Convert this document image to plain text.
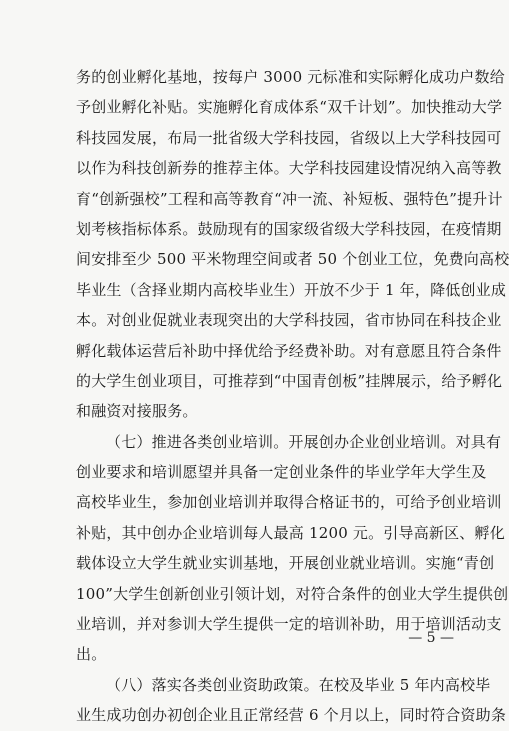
务的创业孵化基地，按每户 3000 元标准和实际孵化成功户数给
予创业孵化补贴。实施孵化育成体系“双千计划”。加快推动大学
科技园发展，布局一批省级大学科技园，省级以上大学科技园可
以作为科技创新券的推荐主体。大学科技园建设情况纳入高等教
育“创新强校”工程和高等教育“冲一流、补短板、强特色”提升计
划考核指标体系。鼓励现有的国家级省级大学科技园，在疫情期
间安排至少 500 平米物理空间或者 50 个创业工位，免费向高校
毕业生（含择业期内高校毕业生）开放不少于 1 年，降低创业成
本。对创业促就业表现突出的大学科技园，省市协同在科技企业
孵化载体运营后补助中择优给予经费补助。对有意愿且符合条件
的大学生创业项目，可推荐到“中国青创板”挂牌展示，给予孵化
和融资对接服务。
（七）推进各类创业培训。开展创办企业创业培训。对具有
创业要求和培训愿望并具备一定创业条件的毕业学年大学生及
高校毕业生，参加创业培训并取得合格证书的，可给予创业培训
补贴，其中创办企业培训每人最高 1200 元。引导高新区、孵化
载体设立大学生就业实训基地，开展创业就业培训。实施“青创
100”大学生创新创业引领计划，对符合条件的创业大学生提供创
业培训，并对参训大学生提供一定的培训补助，用于培训活动支
出。
（八）落实各类创业资助政策。在校及毕业 5 年内高校毕
业生成功创办初创企业且正常经营 6 个月以上，同时符合资助条
— 5 —
